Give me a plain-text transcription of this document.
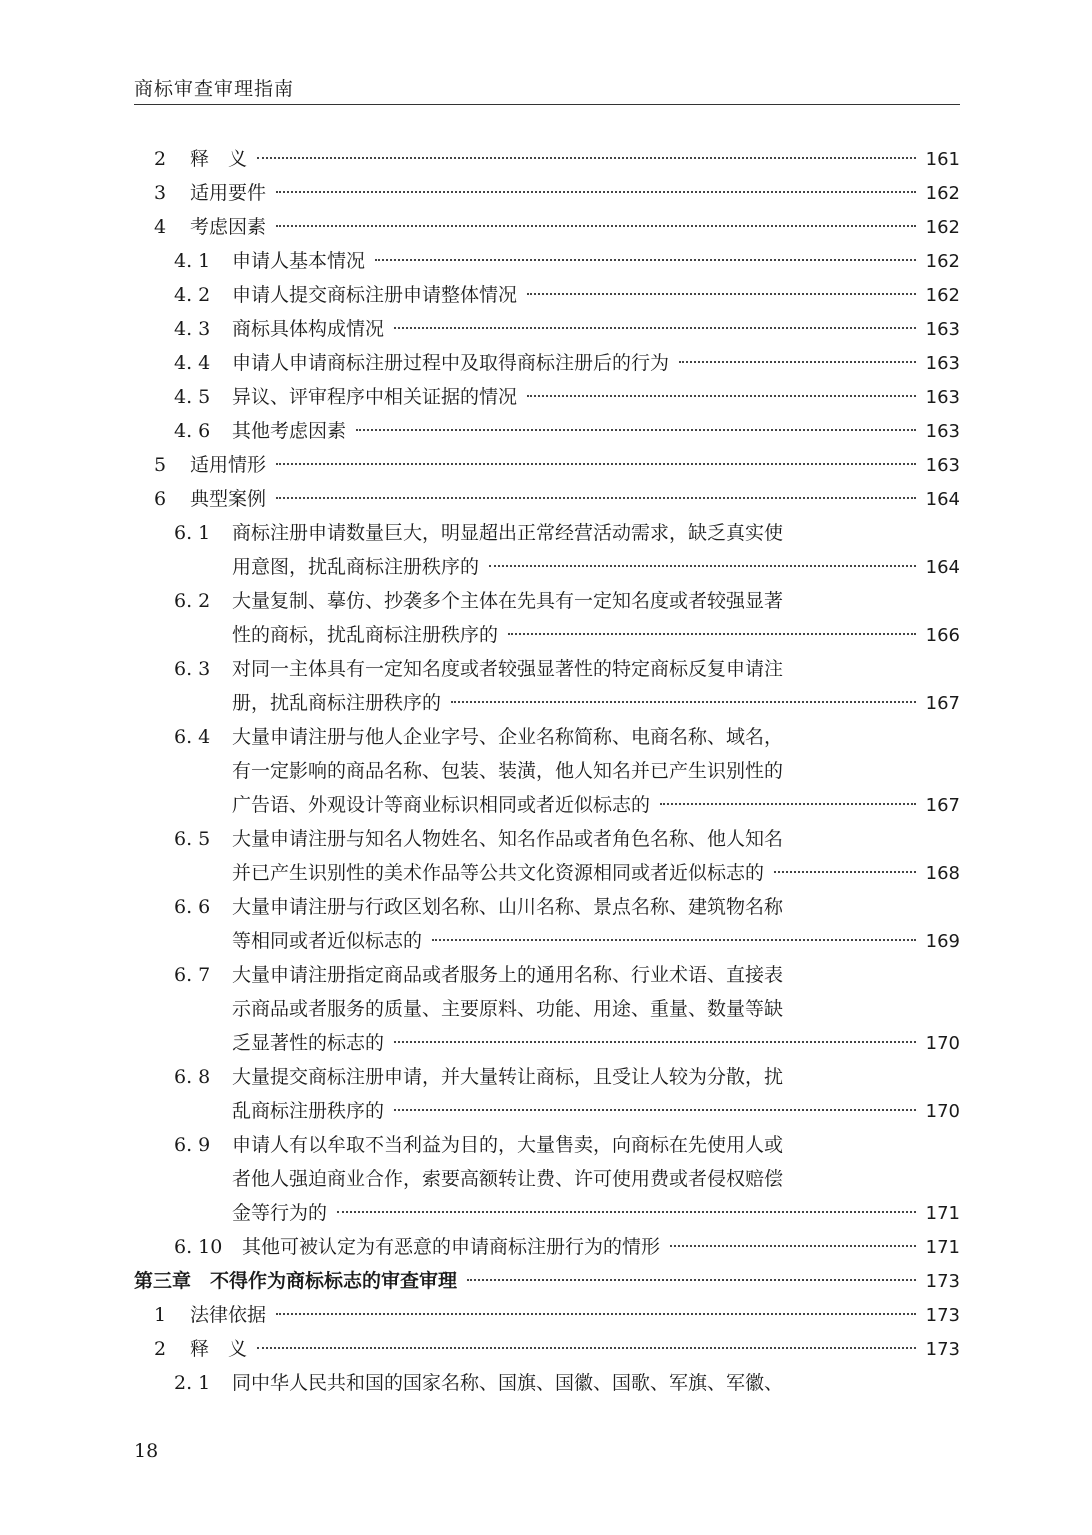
商标审查审理指南
2	释　义	161
3	适用要件	162
4	考虑因素	162
4. 1	申请人基本情况	162
4. 2	申请人提交商标注册申请整体情况	162
4. 3	商标具体构成情况	163
4. 4	申请人申请商标注册过程中及取得商标注册后的行为	163
4. 5	异议、评审程序中相关证据的情况	163
4. 6	其他考虑因素	163
5	适用情形	163
6	典型案例	164
6. 1	商标注册申请数量巨大，明显超出正常经营活动需求，缺乏真实使
用意图，扰乱商标注册秩序的	164
6. 2	大量复制、摹仿、抄袭多个主体在先具有一定知名度或者较强显著
性的商标，扰乱商标注册秩序的	166
6. 3	对同一主体具有一定知名度或者较强显著性的特定商标反复申请注
册，扰乱商标注册秩序的	167
6. 4	大量申请注册与他人企业字号、企业名称简称、电商名称、域名，
有一定影响的商品名称、包装、装潢，他人知名并已产生识别性的
广告语、外观设计等商业标识相同或者近似标志的	167
6. 5	大量申请注册与知名人物姓名、知名作品或者角色名称、他人知名
并已产生识别性的美术作品等公共文化资源相同或者近似标志的	168
6. 6	大量申请注册与行政区划名称、山川名称、景点名称、建筑物名称
等相同或者近似标志的	169
6. 7	大量申请注册指定商品或者服务上的通用名称、行业术语、直接表
示商品或者服务的质量、主要原料、功能、用途、重量、数量等缺
乏显著性的标志的	170
6. 8	大量提交商标注册申请，并大量转让商标，且受让人较为分散，扰
乱商标注册秩序的	170
6. 9	申请人有以牟取不当利益为目的，大量售卖，向商标在先使用人或
者他人强迫商业合作，索要高额转让费、许可使用费或者侵权赔偿
金等行为的	171
6. 10	其他可被认定为有恶意的申请商标注册行为的情形	171
第三章　不得作为商标标志的审查审理	173
1	法律依据	173
2	释　义	173
2. 1	同中华人民共和国的国家名称、国旗、国徽、国歌、军旗、军徽、
18
